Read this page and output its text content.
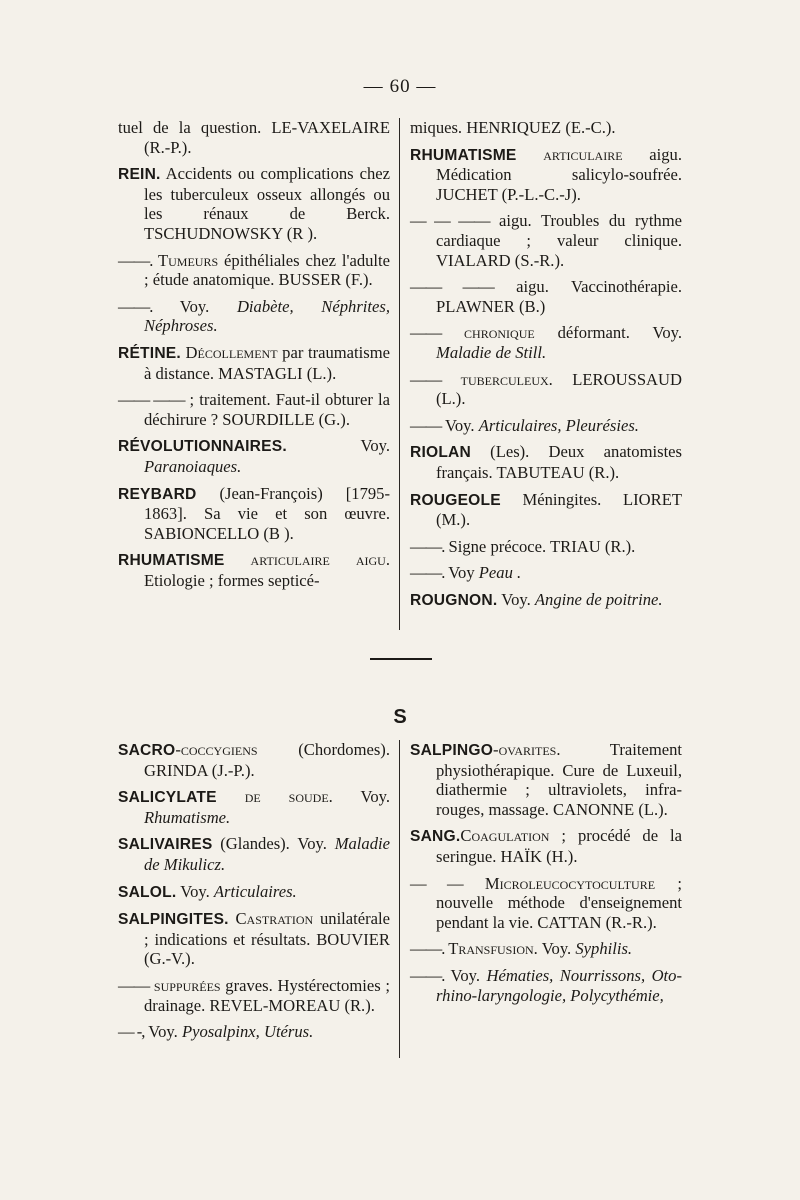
— 60 —
tuel de la question. LE-VAXELAIRE (R.-P.).
REIN. Accidents ou complications chez les tuberculeux osseux allongés ou les rénaux de Berck. TSCHUDNOWSKY (R ).
——. Tumeurs épithéliales chez l'adulte ; étude anatomique. BUSSER (F.).
——. Voy. Diabète, Néphrites, Néphroses.
RÉTINE. Décollement par traumatisme à distance. MASTAGLI (L.).
—— —— ; traitement. Faut-il obturer la déchirure ? SOURDILLE (G.).
RÉVOLUTIONNAIRES. Voy. Paranoiaques.
REYBARD (Jean-François) [1795-1863]. Sa vie et son œuvre. SABIONCELLO (B ).
RHUMATISME articulaire aigu. Etiologie ; formes septicé-
miques. HENRIQUEZ (E.-C.).
RHUMATISME articulaire aigu. Médication salicylo-soufrée. JUCHET (P.-L.-C.-J).
— — —— aigu. Troubles du rythme cardiaque ; valeur clinique. VIALARD (S.-R.).
—— —— aigu. Vaccinothérapie. PLAWNER (B.)
—— chronique déformant. Voy. Maladie de Still.
—— tuberculeux. LEROUSSAUD (L.).
—— Voy. Articulaires, Pleurésies.
RIOLAN (Les). Deux anatomistes français. TABUTEAU (R.).
ROUGEOLE Méningites. LIORET (M.).
——. Signe précoce. TRIAU (R.).
——. Voy Peau .
ROUGNON. Voy. Angine de poitrine.
S
SACRO-coccygiens (Chordomes). GRINDA (J.-P.).
SALICYLATE de soude. Voy. Rhumatisme.
SALIVAIRES (Glandes). Voy. Maladie de Mikulicz.
SALOL. Voy. Articulaires.
SALPINGITES. Castration unilatérale ; indications et résultats. BOUVIER (G.-V.).
—— suppurées graves. Hystérectomies ; drainage. REVEL-MOREAU (R.).
— -, Voy. Pyosalpinx, Utérus.
SALPINGO-ovarites. Traitement physiothérapique. Cure de Luxeuil, diathermie ; ultraviolets, infra-rouges, massage. CANONNE (L.).
SANG.Coagulation ; procédé de la seringue. HAÏK (H.).
— — Microleucocytoculture ; nouvelle méthode d'enseignement pendant la vie. CATTAN (R.-R.).
——. Transfusion. Voy. Syphilis.
——. Voy. Hématies, Nourrissons, Oto-rhino-laryngologie, Polycythémie,
